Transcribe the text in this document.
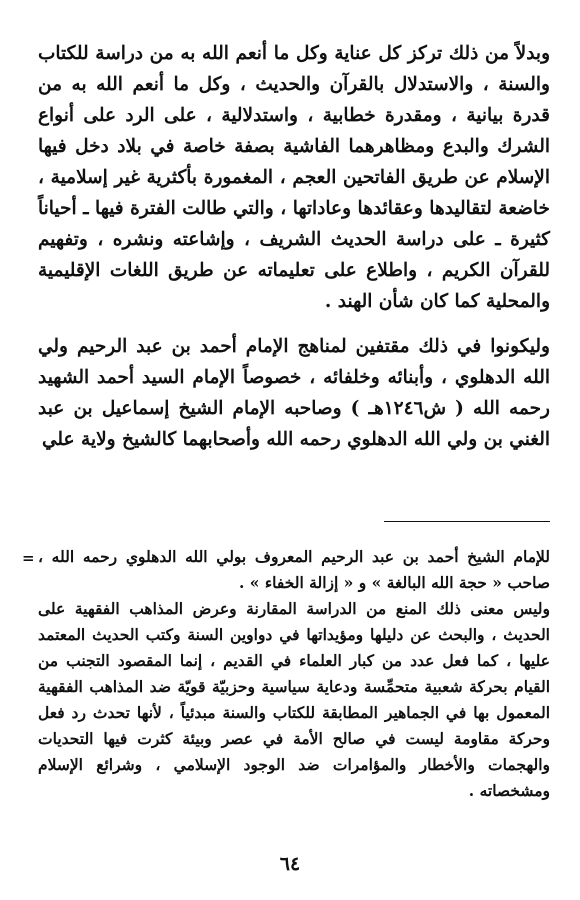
وبدلاً من ذلك تركز كل عناية وكل ما أنعم الله به من دراسة للكتاب والسنة ، والاستدلال بالقرآن والحديث ، وكل ما أنعم الله به من قدرة بيانية ، ومقدرة خطابية ، واستدلالية ، على الرد على أنواع الشرك والبدع ومظاهرهما الفاشية بصفة خاصة في بلاد دخل فيها الإسلام عن طريق الفاتحين العجم ، المغمورة بأكثرية غير إسلامية ، خاضعة لتقاليدها وعقائدها وعاداتها ، والتي طالت الفترة فيها ـ أحياناً كثيرة ـ على دراسة الحديث الشريف ، وإشاعته ونشره ، وتفهيم للقرآن الكريم ، واطلاع على تعليماته عن طريق اللغات الإقليمية والمحلية كما كان شأن الهند .

وليكونوا في ذلك مقتفين لمناهج الإمام أحمد بن عبد الرحيم ولي الله الدهلوي ، وأبنائه وخلفائه ، خصوصاً الإمام السيد أحمد الشهيد رحمه الله ( ش١٢٤٦هـ ) وصاحبه الإمام الشيخ إسماعيل بن عبد الغني بن ولي الله الدهلوي رحمه الله وأصحابهما كالشيخ ولاية علي

= للإمام الشيخ أحمد بن عبد الرحيم المعروف بولي الله الدهلوي رحمه الله ، صاحب « حجة الله البالغة » و « إزالة الخفاء » .

وليس معنى ذلك المنع من الدراسة المقارنة وعرض المذاهب الفقهية على الحديث ، والبحث عن دليلها ومؤيداتها في دواوين السنة وكتب الحديث المعتمد عليها ، كما فعل عدد من كبار العلماء في القديم ، إنما المقصود التجنب من القيام بحركة شعبية متحمِّسة ودعاية سياسية وحزبيّة قويّة ضد المذاهب الفقهية المعمول بها في الجماهير المطابقة للكتاب والسنة مبدئياً ، لأنها تحدث رد فعل وحركة مقاومة ليست في صالح الأمة في عصر وبيئة كثرت فيها التحديات والهجمات والأخطار والمؤامرات ضد الوجود الإسلامي ، وشرائع الإسلام ومشخصاته .

٦٤
